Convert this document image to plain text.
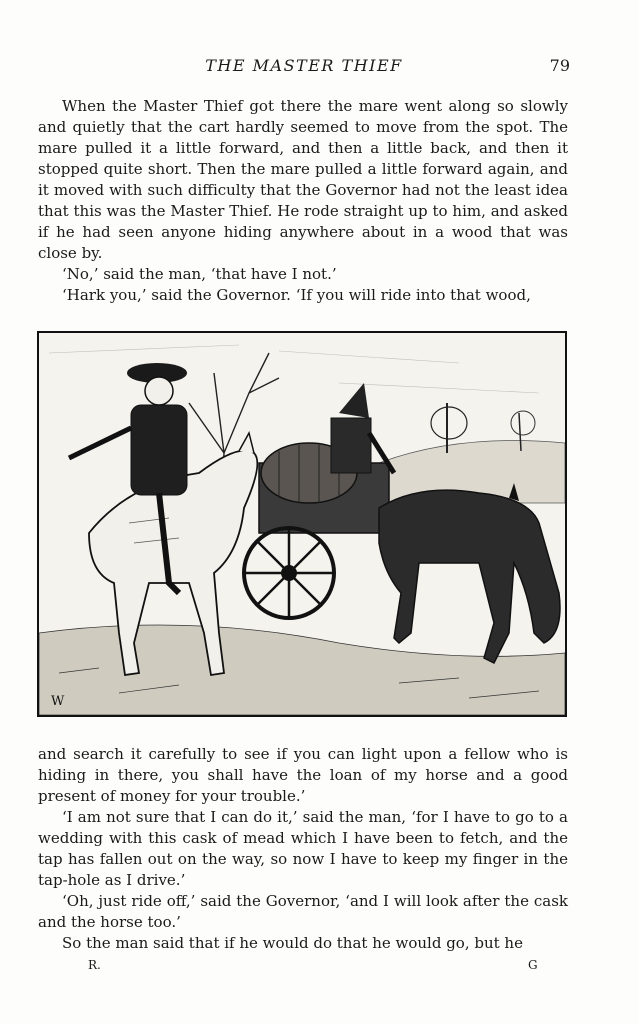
THE MASTER THIEF	79

When the Master Thief got there the mare went along so slowly and quietly that the cart hardly seemed to move from the spot. The mare pulled it a little forward, and then a little back, and then it stopped quite short. Then the mare pulled a little forward again, and it moved with such difficulty that the Governor had not the least idea that this was the Master Thief. He rode straight up to him, and asked if he had seen anyone hiding anywhere about in a wood that was close by.

‘No,’ said the man, ‘that have I not.’

‘Hark you,’ said the Governor. ‘If you will ride into that wood,

W

and search it carefully to see if you can light upon a fellow who is hiding in there, you shall have the loan of my horse and a good present of money for your trouble.’

‘I am not sure that I can do it,’ said the man, ‘for I have to go to a wedding with this cask of mead which I have been to fetch, and the tap has fallen out on the way, so now I have to keep my finger in the tap-hole as I drive.’

‘Oh, just ride off,’ said the Governor, ‘and I will look after the cask and the horse too.’

So the man said that if he would do that he would go, but he

R.	G
